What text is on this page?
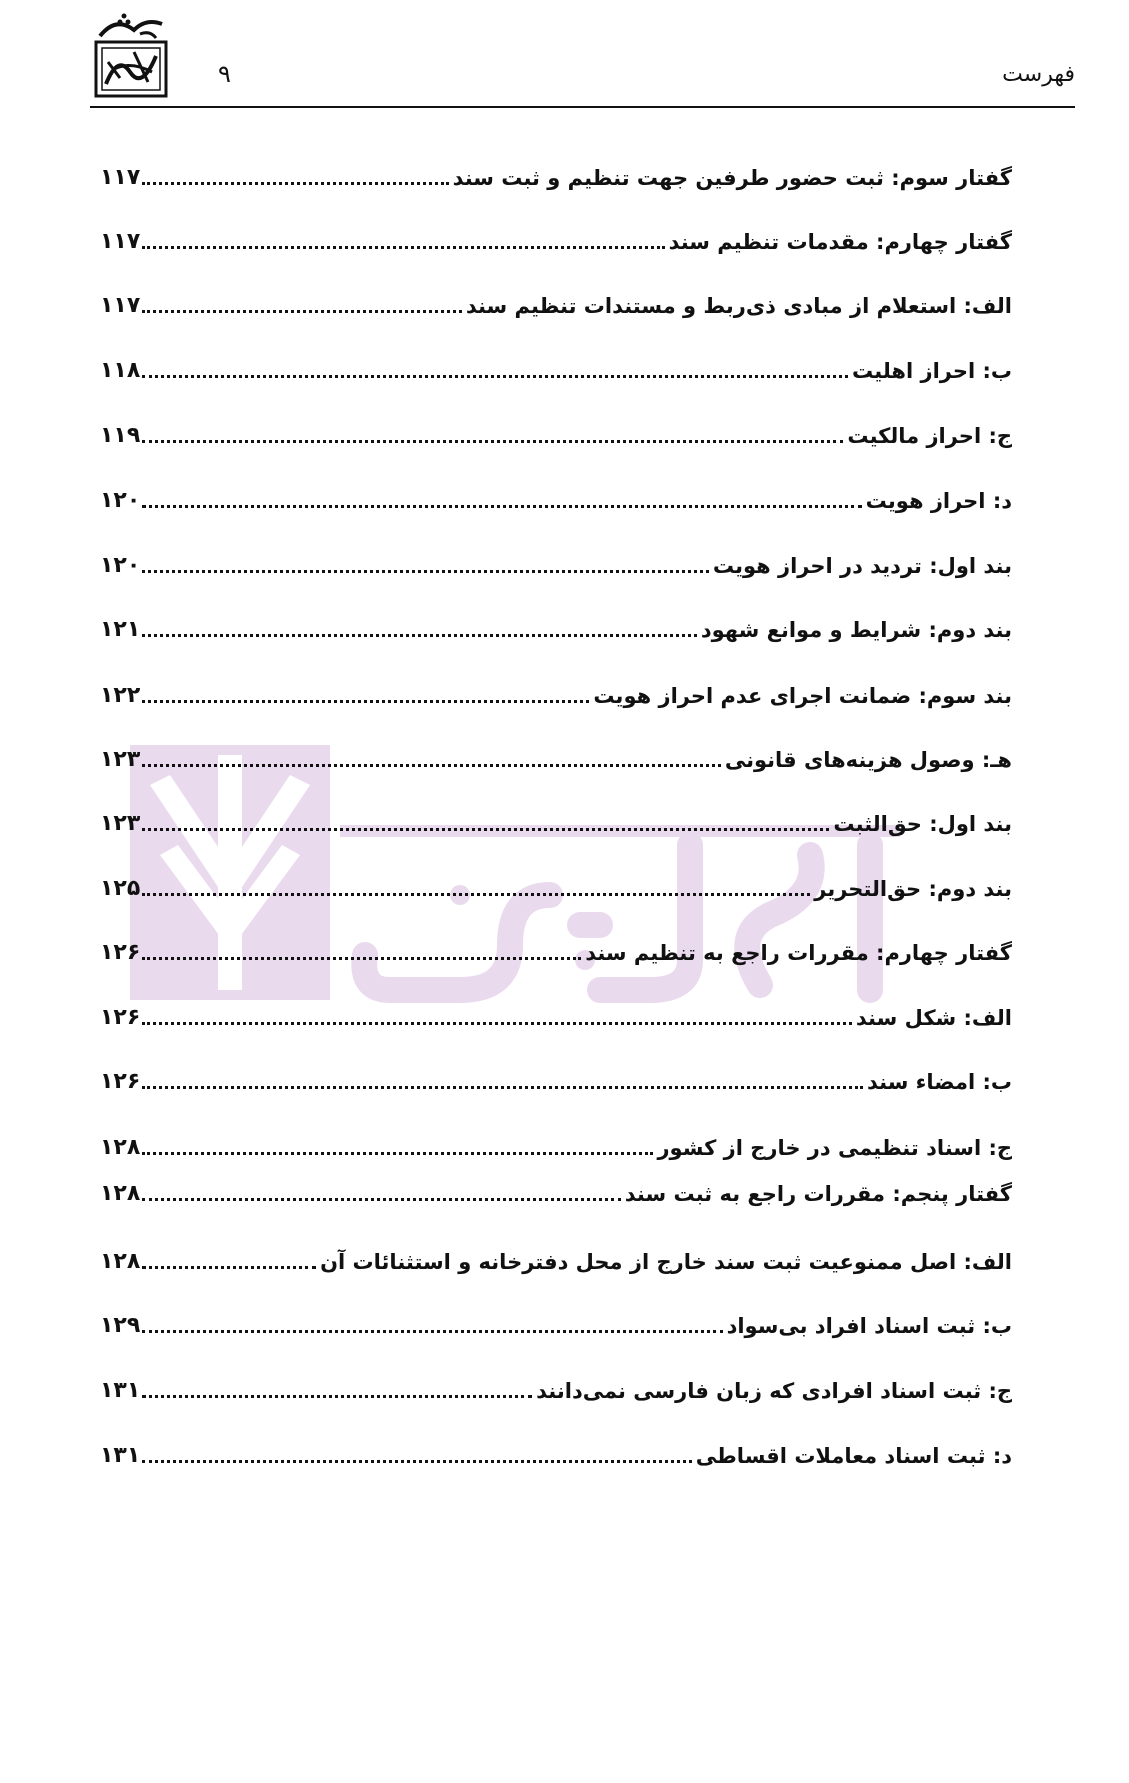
۹	فهرست
گفتار سوم: ثبت حضور طرفین جهت تنظیم و ثبت سند
۱۱۷
گفتار چهارم: مقدمات تنظیم سند
۱۱۷
الف: استعلام از مبادی ذی‌ربط و مستندات تنظیم سند
۱۱۷
ب: احراز اهلیت
۱۱۸
ج: احراز مالکیت
۱۱۹
د: احراز هویت
۱۲۰
بند اول: تردید در احراز هویت
۱۲۰
بند دوم: شرایط و موانع شهود
۱۲۱
بند سوم: ضمانت اجرای عدم احراز هویت
۱۲۲
هـ: وصول هزینه‌های قانونی
۱۲۳
بند اول: حق‌الثبت
۱۲۳
بند دوم: حق‌التحریر
۱۲۵
گفتار چهارم: مقررات راجع به تنظیم سند
۱۲۶
الف: شکل سند
۱۲۶
ب: امضاء سند
۱۲۶
ج: اسناد تنظیمی در خارج از کشور
۱۲۸
گفتار پنجم: مقررات راجع به ثبت سند
۱۲۸
الف: اصل ممنوعیت ثبت سند خارج از محل دفترخانه و استثنائات آن
۱۲۸
ب: ثبت اسناد افراد بی‌سواد
۱۲۹
ج: ثبت اسناد افرادی که زبان فارسی نمی‌دانند
۱۳۱
د: ثبت اسناد معاملات اقساطی
۱۳۱
